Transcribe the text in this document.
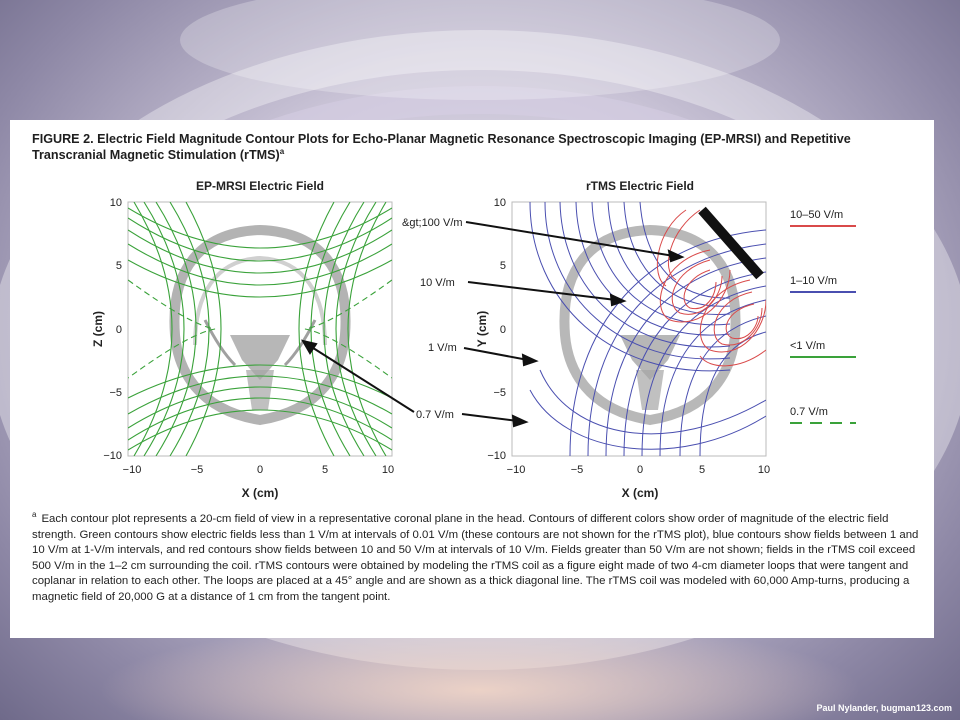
FIGURE 2. Electric Field Magnitude Contour Plots for Echo-Planar Magnetic Resonance Spectroscopic Imaging (EP-MRSI) and Repetitive Transcranial Magnetic Stimulation (rTMS)$^a$
EP-MRSI Electric Field	rTMS Electric Field
10
5
0
−5
−10
−10	−5	0	5	10
X (cm)
Z (cm)
10
5
0
−5
−10
−10	−5	0	5	10
X (cm)
Y (cm)
&gt;100 V/m
10 V/m
1 V/m
0.7 V/m
10–50 V/m
1–10 V/m
<1 V/m
0.7 V/m
$^a$ Each contour plot represents a 20-cm field of view in a representative coronal plane in the head. Contours of different colors show order of magnitude of the electric field strength. Green contours show electric fields less than 1 V/m at intervals of 0.01 V/m (these contours are not shown for the rTMS plot), blue contours show fields between 1 and 10 V/m at 1-V/m intervals, and red contours show fields between 10 and 50 V/m at intervals of 10 V/m. Fields greater than 50 V/m are not shown; fields in the rTMS coil exceed 500 V/m in the 1–2 cm surrounding the coil. rTMS contours were obtained by modeling the rTMS coil as a figure eight made of two 4-cm diameter loops that were tangent and coplanar in relation to each other. The loops are placed at a 45° angle and are shown as a thick diagonal line. The rTMS coil was modeled with 60,000 Amp-turns, producing a magnetic field of 20,000 G at a distance of 1 cm from the tangent point.
Paul Nylander, bugman123.com
